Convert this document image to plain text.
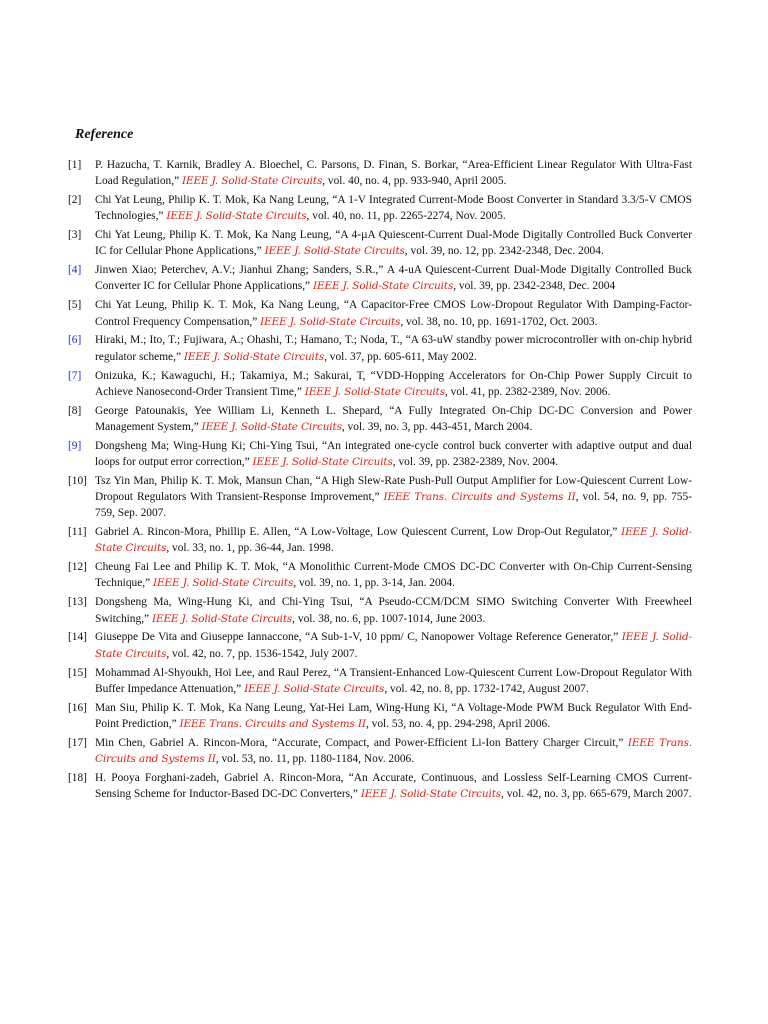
Reference
[1] P. Hazucha, T. Karnik, Bradley A. Bloechel, C. Parsons, D. Finan, S. Borkar, “Area-Efficient Linear Regulator With Ultra-Fast Load Regulation,” IEEE J. Solid-State Circuits, vol. 40, no. 4, pp. 933-940, April 2005.
[2] Chi Yat Leung, Philip K. T. Mok, Ka Nang Leung, “A 1-V Integrated Current-Mode Boost Converter in Standard 3.3/5-V CMOS Technologies,” IEEE J. Solid-State Circuits, vol. 40, no. 11, pp. 2265-2274, Nov. 2005.
[3] Chi Yat Leung, Philip K. T. Mok, Ka Nang Leung, “A 4-µA Quiescent-Current Dual-Mode Digitally Controlled Buck Converter IC for Cellular Phone Applications,” IEEE J. Solid-State Circuits, vol. 39, no. 12, pp. 2342-2348, Dec. 2004.
[4] Jinwen Xiao; Peterchev, A.V.; Jianhui Zhang; Sanders, S.R.,” A 4-uA Quiescent-Current Dual-Mode Digitally Controlled Buck Converter IC for Cellular Phone Applications,” IEEE J. Solid-State Circuits, vol. 39, pp. 2342-2348, Dec. 2004
[5] Chi Yat Leung, Philip K. T. Mok, Ka Nang Leung, “A Capacitor-Free CMOS Low-Dropout Regulator With Damping-Factor-Control Frequency Compensation,” IEEE J. Solid-State Circuits, vol. 38, no. 10, pp. 1691-1702, Oct. 2003.
[6] Hiraki, M.; Ito, T.; Fujiwara, A.; Ohashi, T.; Hamano, T.; Noda, T., “A 63-uW standby power microcontroller with on-chip hybrid regulator scheme,” IEEE J. Solid-State Circuits, vol. 37, pp. 605-611, May 2002.
[7] Onizuka, K.; Kawaguchi, H.; Takamiya, M.; Sakurai, T, “VDD-Hopping Accelerators for On-Chip Power Supply Circuit to Achieve Nanosecond-Order Transient Time,” IEEE J. Solid-State Circuits, vol. 41, pp. 2382-2389, Nov. 2006.
[8] George Patounakis, Yee William Li, Kenneth L. Shepard, “A Fully Integrated On-Chip DC-DC Conversion and Power Management System,” IEEE J. Solid-State Circuits, vol. 39, no. 3, pp. 443-451, March 2004.
[9] Dongsheng Ma; Wing-Hung Ki; Chi-Ying Tsui, “An integrated one-cycle control buck converter with adaptive output and dual loops for output error correction,” IEEE J. Solid-State Circuits, vol. 39, pp. 2382-2389, Nov. 2004.
[10] Tsz Yin Man, Philip K. T. Mok, Mansun Chan, “A High Slew-Rate Push-Pull Output Amplifier for Low-Quiescent Current Low-Dropout Regulators With Transient-Response Improvement,” IEEE Trans. Circuits and Systems II, vol. 54, no. 9, pp. 755-759, Sep. 2007.
[11] Gabriel A. Rincon-Mora, Phillip E. Allen, “A Low-Voltage, Low Quiescent Current, Low Drop-Out Regulator,” IEEE J. Solid-State Circuits, vol. 33, no. 1, pp. 36-44, Jan. 1998.
[12] Cheung Fai Lee and Philip K. T. Mok, “A Monolithic Current-Mode CMOS DC-DC Converter with On-Chip Current-Sensing Technique,” IEEE J. Solid-State Circuits, vol. 39, no. 1, pp. 3-14, Jan. 2004.
[13] Dongsheng Ma, Wing-Hung Ki, and Chi-Ying Tsui, “A Pseudo-CCM/DCM SIMO Switching Converter With Freewheel Switching,” IEEE J. Solid-State Circuits, vol. 38, no. 6, pp. 1007-1014, June 2003.
[14] Giuseppe De Vita and Giuseppe Iannaccone, “A Sub-1-V, 10 ppm/ C, Nanopower Voltage Reference Generator,” IEEE J. Solid-State Circuits, vol. 42, no. 7, pp. 1536-1542, July 2007.
[15] Mohammad Al-Shyoukh, Hoi Lee, and Raul Perez, “A Transient-Enhanced Low-Quiescent Current Low-Dropout Regulator With Buffer Impedance Attenuation,” IEEE J. Solid-State Circuits, vol. 42, no. 8, pp. 1732-1742, August 2007.
[16] Man Siu, Philip K. T. Mok, Ka Nang Leung, Yat-Hei Lam, Wing-Hung Ki, “A Voltage-Mode PWM Buck Regulator With End-Point Prediction,” IEEE Trans. Circuits and Systems II, vol. 53, no. 4, pp. 294-298, April 2006.
[17] Min Chen, Gabriel A. Rincon-Mora, “Accurate, Compact, and Power-Efficient Li-Ion Battery Charger Circuit,” IEEE Trans. Circuits and Systems II, vol. 53, no. 11, pp. 1180-1184, Nov. 2006.
[18] H. Pooya Forghani-zadeh, Gabriel A. Rincon-Mora, “An Accurate, Continuous, and Lossless Self-Learning CMOS Current-Sensing Scheme for Inductor-Based DC-DC Converters,” IEEE J. Solid-State Circuits, vol. 42, no. 3, pp. 665-679, March 2007.
